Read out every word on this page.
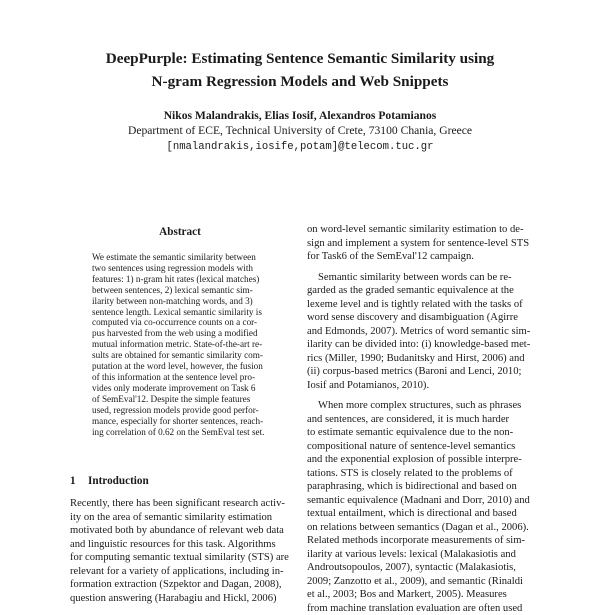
DeepPurple: Estimating Sentence Semantic Similarity using
N-gram Regression Models and Web Snippets
Nikos Malandrakis, Elias Iosif, Alexandros Potamianos
Department of ECE, Technical University of Crete, 73100 Chania, Greece
[nmalandrakis,iosife,potam]@telecom.tuc.gr
Abstract
We estimate the semantic similarity between
two sentences using regression models with
features: 1) n-gram hit rates (lexical matches)
between sentences, 2) lexical semantic sim-
ilarity between non-matching words, and 3)
sentence length. Lexical semantic similarity is
computed via co-occurrence counts on a cor-
pus harvested from the web using a modified
mutual information metric. State-of-the-art re-
sults are obtained for semantic similarity com-
putation at the word level, however, the fusion
of this information at the sentence level pro-
vides only moderate improvement on Task 6
of SemEval'12. Despite the simple features
used, regression models provide good perfor-
mance, especially for shorter sentences, reach-
ing correlation of 0.62 on the SemEval test set.
1 Introduction
Recently, there has been significant research activ-
ity on the area of semantic similarity estimation
motivated both by abundance of relevant web data
and linguistic resources for this task. Algorithms
for computing semantic textual similarity (STS) are
relevant for a variety of applications, including in-
formation extraction (Szpektor and Dagan, 2008),
question answering (Harabagiu and Hickl, 2006)
on word-level semantic similarity estimation to de-
sign and implement a system for sentence-level STS
for Task6 of the SemEval'12 campaign.
Semantic similarity between words can be re-
garded as the graded semantic equivalence at the
lexeme level and is tightly related with the tasks of
word sense discovery and disambiguation (Agirre
and Edmonds, 2007). Metrics of word semantic sim-
ilarity can be divided into: (i) knowledge-based met-
rics (Miller, 1990; Budanitsky and Hirst, 2006) and
(ii) corpus-based metrics (Baroni and Lenci, 2010;
Iosif and Potamianos, 2010).
When more complex structures, such as phrases
and sentences, are considered, it is much harder
to estimate semantic equivalence due to the non-
compositional nature of sentence-level semantics
and the exponential explosion of possible interpre-
tations. STS is closely related to the problems of
paraphrasing, which is bidirectional and based on
semantic equivalence (Madnani and Dorr, 2010) and
textual entailment, which is directional and based
on relations between semantics (Dagan et al., 2006).
Related methods incorporate measurements of sim-
ilarity at various levels: lexical (Malakasiotis and
Androutsopoulos, 2007), syntactic (Malakasiotis,
2009; Zanzotto et al., 2009), and semantic (Rinaldi
et al., 2003; Bos and Markert, 2005). Measures
from machine translation evaluation are often used
